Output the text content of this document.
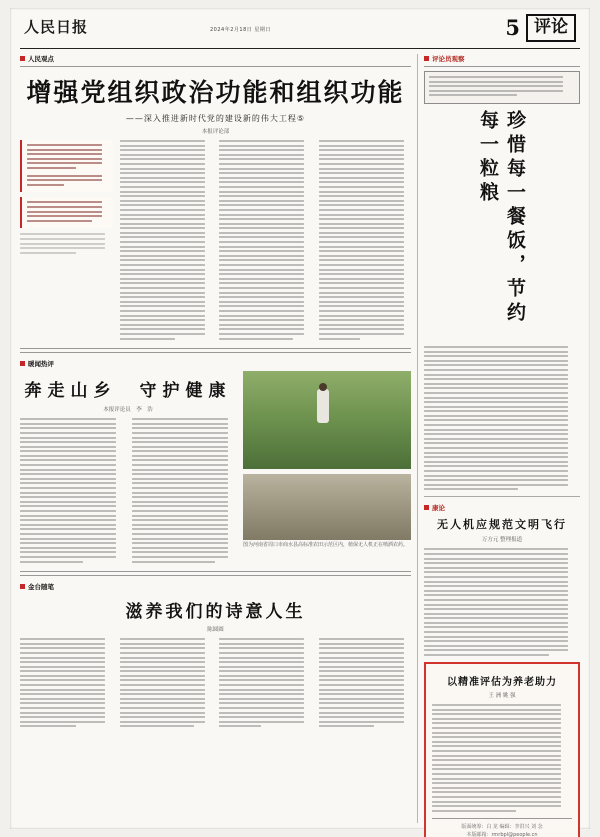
人民日报	2024年2月18日 星期日	5 评论
人民观点
增强党组织政治功能和组织功能
——深入推进新时代党的建设新的伟大工程⑤
本报评论部
暖闻热评
奔走山乡　守护健康
本报评论员　李　浩
图为河南省周口市商水县高标准农田示范区内，植保无人机正在喷洒农药。
金台随笔
滋养我们的诗意人生
陈圆圆
评论员观察
珍惜每一餐饭，节约每一粒粮
康论
无人机应规范文明飞行
万方元 整理报道
以精准评估为养老助力
王 洲 姚 强
版面统筹：白 龙 编辑：李洪兴 刘 念
本版邮箱：rmrbpl@people.cn
